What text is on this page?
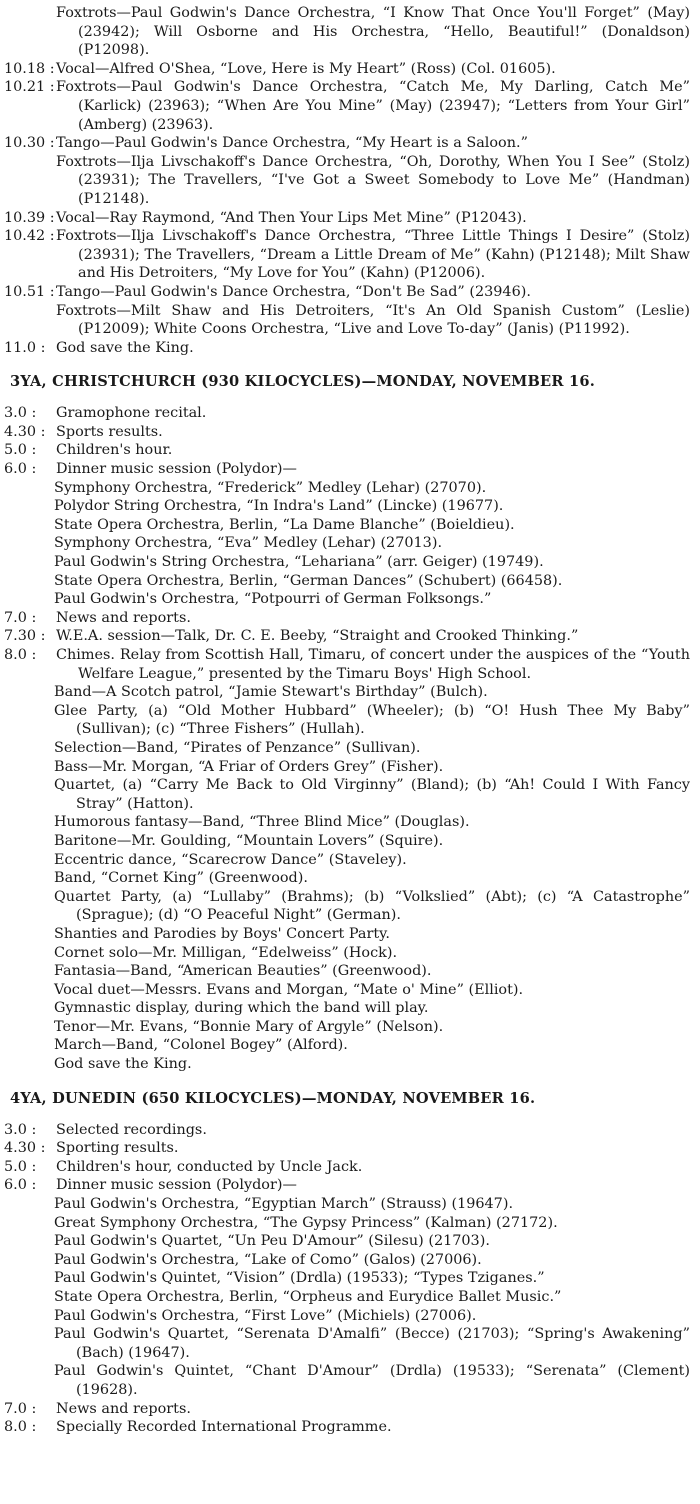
Foxtrots—Paul Godwin's Dance Orchestra, “I Know That Once You'll Forget” (May) (23942); Will Osborne and His Orchestra, “Hello, Beautiful!” (Donaldson) (P12098).
10.18 : Vocal—Alfred O'Shea, “Love, Here is My Heart” (Ross) (Col. 01605).
10.21 : Foxtrots—Paul Godwin's Dance Orchestra, “Catch Me, My Darling, Catch Me” (Karlick) (23963); “When Are You Mine” (May) (23947); “Letters from Your Girl” (Amberg) (23963).
10.30 : Tango—Paul Godwin's Dance Orchestra, “My Heart is a Saloon.”
Foxtrots—Ilja Livschakoff's Dance Orchestra, “Oh, Dorothy, When You I See” (Stolz) (23931); The Travellers, “I've Got a Sweet Somebody to Love Me” (Handman) (P12148).
10.39 : Vocal—Ray Raymond, “And Then Your Lips Met Mine” (P12043).
10.42 : Foxtrots—Ilja Livschakoff's Dance Orchestra, “Three Little Things I Desire” (Stolz) (23931); The Travellers, “Dream a Little Dream of Me” (Kahn) (P12148); Milt Shaw and His Detroiters, “My Love for You” (Kahn) (P12006).
10.51 : Tango—Paul Godwin's Dance Orchestra, “Don't Be Sad” (23946).
Foxtrots—Milt Shaw and His Detroiters, “It's An Old Spanish Custom” (Leslie) (P12009); White Coons Orchestra, “Live and Love To-day” (Janis) (P11992).
11.0 : God save the King.
3YA, CHRISTCHURCH (930 KILOCYCLES)—MONDAY, NOVEMBER 16.
3.0 :	Gramophone recital.
4.30 : Sports results.
5.0 :	Children's hour.
6.0 :	Dinner music session (Polydor)—
Symphony Orchestra, “Frederick” Medley (Lehar) (27070).
Polydor String Orchestra, “In Indra's Land” (Lincke) (19677).
State Opera Orchestra, Berlin, “La Dame Blanche” (Boieldieu).
Symphony Orchestra, “Eva” Medley (Lehar) (27013).
Paul Godwin's String Orchestra, “Lehariana” (arr. Geiger) (19749).
State Opera Orchestra, Berlin, “German Dances” (Schubert) (66458).
Paul Godwin's Orchestra, “Potpourri of German Folksongs.”
7.0 :	News and reports.
7.30 : W.E.A. session—Talk, Dr. C. E. Beeby, “Straight and Crooked Thinking.”
8.0 :	Chimes. Relay from Scottish Hall, Timaru, of concert under the auspices of the “Youth Welfare League,” presented by the Timaru Boys' High School.
Band—A Scotch patrol, “Jamie Stewart's Birthday” (Bulch).
Glee Party, (a) “Old Mother Hubbard” (Wheeler); (b) “O! Hush Thee My Baby” (Sullivan); (c) “Three Fishers” (Hullah).
Selection—Band, “Pirates of Penzance” (Sullivan).
Bass—Mr. Morgan, “A Friar of Orders Grey” (Fisher).
Quartet, (a) “Carry Me Back to Old Virginny” (Bland); (b) “Ah! Could I With Fancy Stray” (Hatton).
Humorous fantasy—Band, “Three Blind Mice” (Douglas).
Baritone—Mr. Goulding, “Mountain Lovers” (Squire).
Eccentric dance, “Scarecrow Dance” (Staveley).
Band, “Cornet King” (Greenwood).
Quartet Party, (a) “Lullaby” (Brahms); (b) “Volkslied” (Abt); (c) “A Catastrophe” (Sprague); (d) “O Peaceful Night” (German).
Shanties and Parodies by Boys' Concert Party.
Cornet solo—Mr. Milligan, “Edelweiss” (Hock).
Fantasia—Band, “American Beauties” (Greenwood).
Vocal duet—Messrs. Evans and Morgan, “Mate o' Mine” (Elliot).
Gymnastic display, during which the band will play.
Tenor—Mr. Evans, “Bonnie Mary of Argyle” (Nelson).
March—Band, “Colonel Bogey” (Alford).
God save the King.
4YA, DUNEDIN (650 KILOCYCLES)—MONDAY, NOVEMBER 16.
3.0 :	Selected recordings.
4.30 : Sporting results.
5.0 :	Children's hour, conducted by Uncle Jack.
6.0 :	Dinner music session (Polydor)—
Paul Godwin's Orchestra, “Egyptian March” (Strauss) (19647).
Great Symphony Orchestra, “The Gypsy Princess” (Kalman) (27172).
Paul Godwin's Quartet, “Un Peu D'Amour” (Silesu) (21703).
Paul Godwin's Orchestra, “Lake of Como” (Galos) (27006).
Paul Godwin's Quintet, “Vision” (Drdla) (19533); “Types Tziganes.”
State Opera Orchestra, Berlin, “Orpheus and Eurydice Ballet Music.”
Paul Godwin's Orchestra, “First Love” (Michiels) (27006).
Paul Godwin's Quartet, “Serenata D'Amalfi” (Becce) (21703); “Spring's Awakening” (Bach) (19647).
Paul Godwin's Quintet, “Chant D'Amour” (Drdla) (19533); “Serenata” (Clement) (19628).
7.0 :	News and reports.
8.0 :	Specially Recorded International Programme.
